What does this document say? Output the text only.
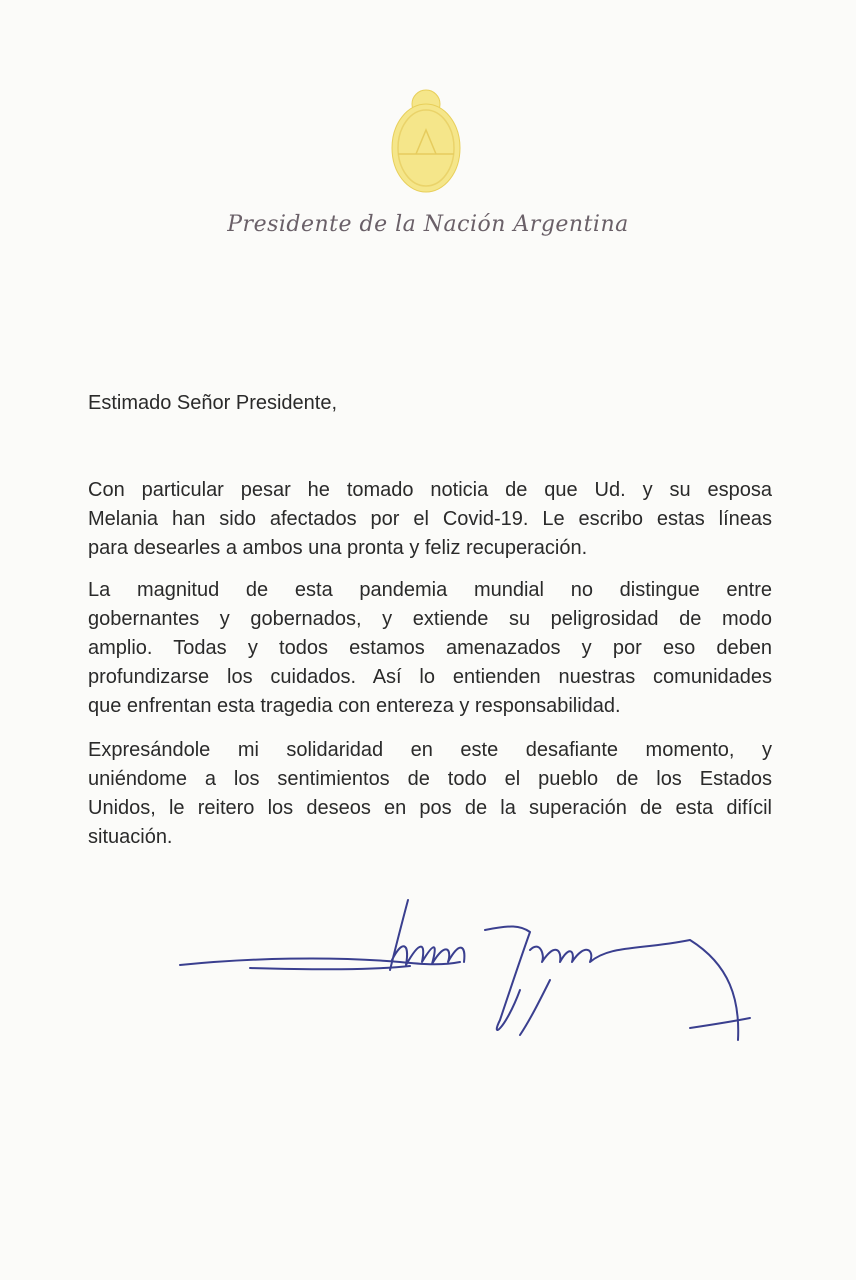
Presidente de la Nación Argentina
Estimado Señor Presidente,
Con particular pesar he tomado noticia de que Ud. y su esposa
Melania han sido afectados por el Covid-19. Le escribo estas líneas
para desearles a ambos una pronta y feliz recuperación.
La magnitud de esta pandemia mundial no distingue entre
gobernantes y gobernados, y extiende su peligrosidad de modo
amplio. Todas y todos estamos amenazados y por eso deben
profundizarse los cuidados. Así lo entienden nuestras comunidades
que enfrentan esta tragedia con entereza y responsabilidad.
Expresándole mi solidaridad en este desafiante momento, y
uniéndome a los sentimientos de todo el pueblo de los Estados
Unidos, le reitero los deseos en pos de la superación de esta difícil
situación.
